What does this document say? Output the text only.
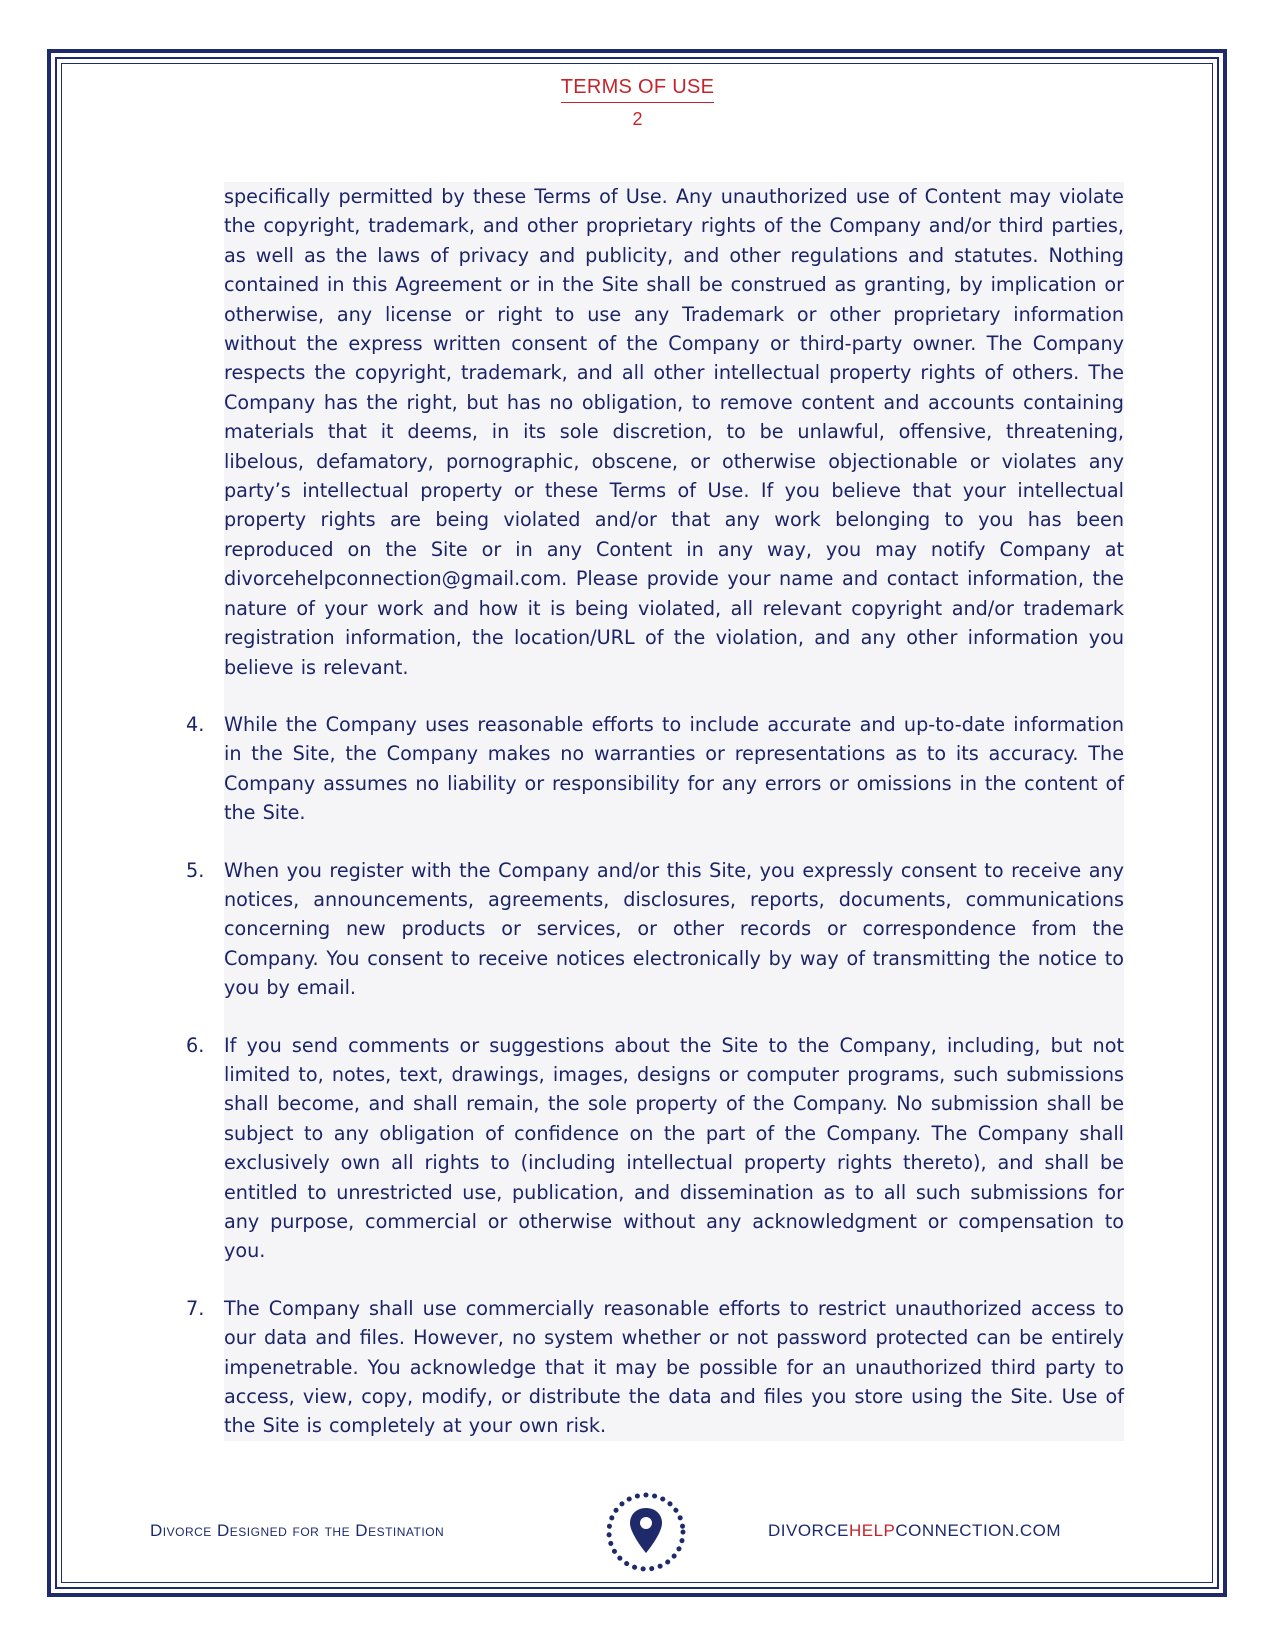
TERMS OF USE
2
specifically permitted by these Terms of Use. Any unauthorized use of Content may violate the copyright, trademark, and other proprietary rights of the Company and/or third parties, as well as the laws of privacy and publicity, and other regulations and statutes. Nothing contained in this Agreement or in the Site shall be construed as granting, by implication or otherwise, any license or right to use any Trademark or other proprietary information without the express written consent of the Company or third-party owner. The Company respects the copyright, trademark, and all other intellectual property rights of others. The Company has the right, but has no obligation, to remove content and accounts containing materials that it deems, in its sole discretion, to be unlawful, offensive, threatening, libelous, defamatory, pornographic, obscene, or otherwise objectionable or violates any party’s intellectual property or these Terms of Use. If you believe that your intellectual property rights are being violated and/or that any work belonging to you has been reproduced on the Site or in any Content in any way, you may notify Company at divorcehelpconnection@gmail.com. Please provide your name and contact information, the nature of your work and how it is being violated, all relevant copyright and/or trademark registration information, the location/URL of the violation, and any other information you believe is relevant.
4. While the Company uses reasonable efforts to include accurate and up-to-date information in the Site, the Company makes no warranties or representations as to its accuracy. The Company assumes no liability or responsibility for any errors or omissions in the content of the Site.
5. When you register with the Company and/or this Site, you expressly consent to receive any notices, announcements, agreements, disclosures, reports, documents, communications concerning new products or services, or other records or correspondence from the Company. You consent to receive notices electronically by way of transmitting the notice to you by email.
6. If you send comments or suggestions about the Site to the Company, including, but not limited to, notes, text, drawings, images, designs or computer programs, such submissions shall become, and shall remain, the sole property of the Company. No submission shall be subject to any obligation of confidence on the part of the Company. The Company shall exclusively own all rights to (including intellectual property rights thereto), and shall be entitled to unrestricted use, publication, and dissemination as to all such submissions for any purpose, commercial or otherwise without any acknowledgment or compensation to you.
7. The Company shall use commercially reasonable efforts to restrict unauthorized access to our data and files. However, no system whether or not password protected can be entirely impenetrable. You acknowledge that it may be possible for an unauthorized third party to access, view, copy, modify, or distribute the data and files you store using the Site. Use of the Site is completely at your own risk.
Divorce Designed for the Destination	DIVORCEHELPCONNECTION.COM
